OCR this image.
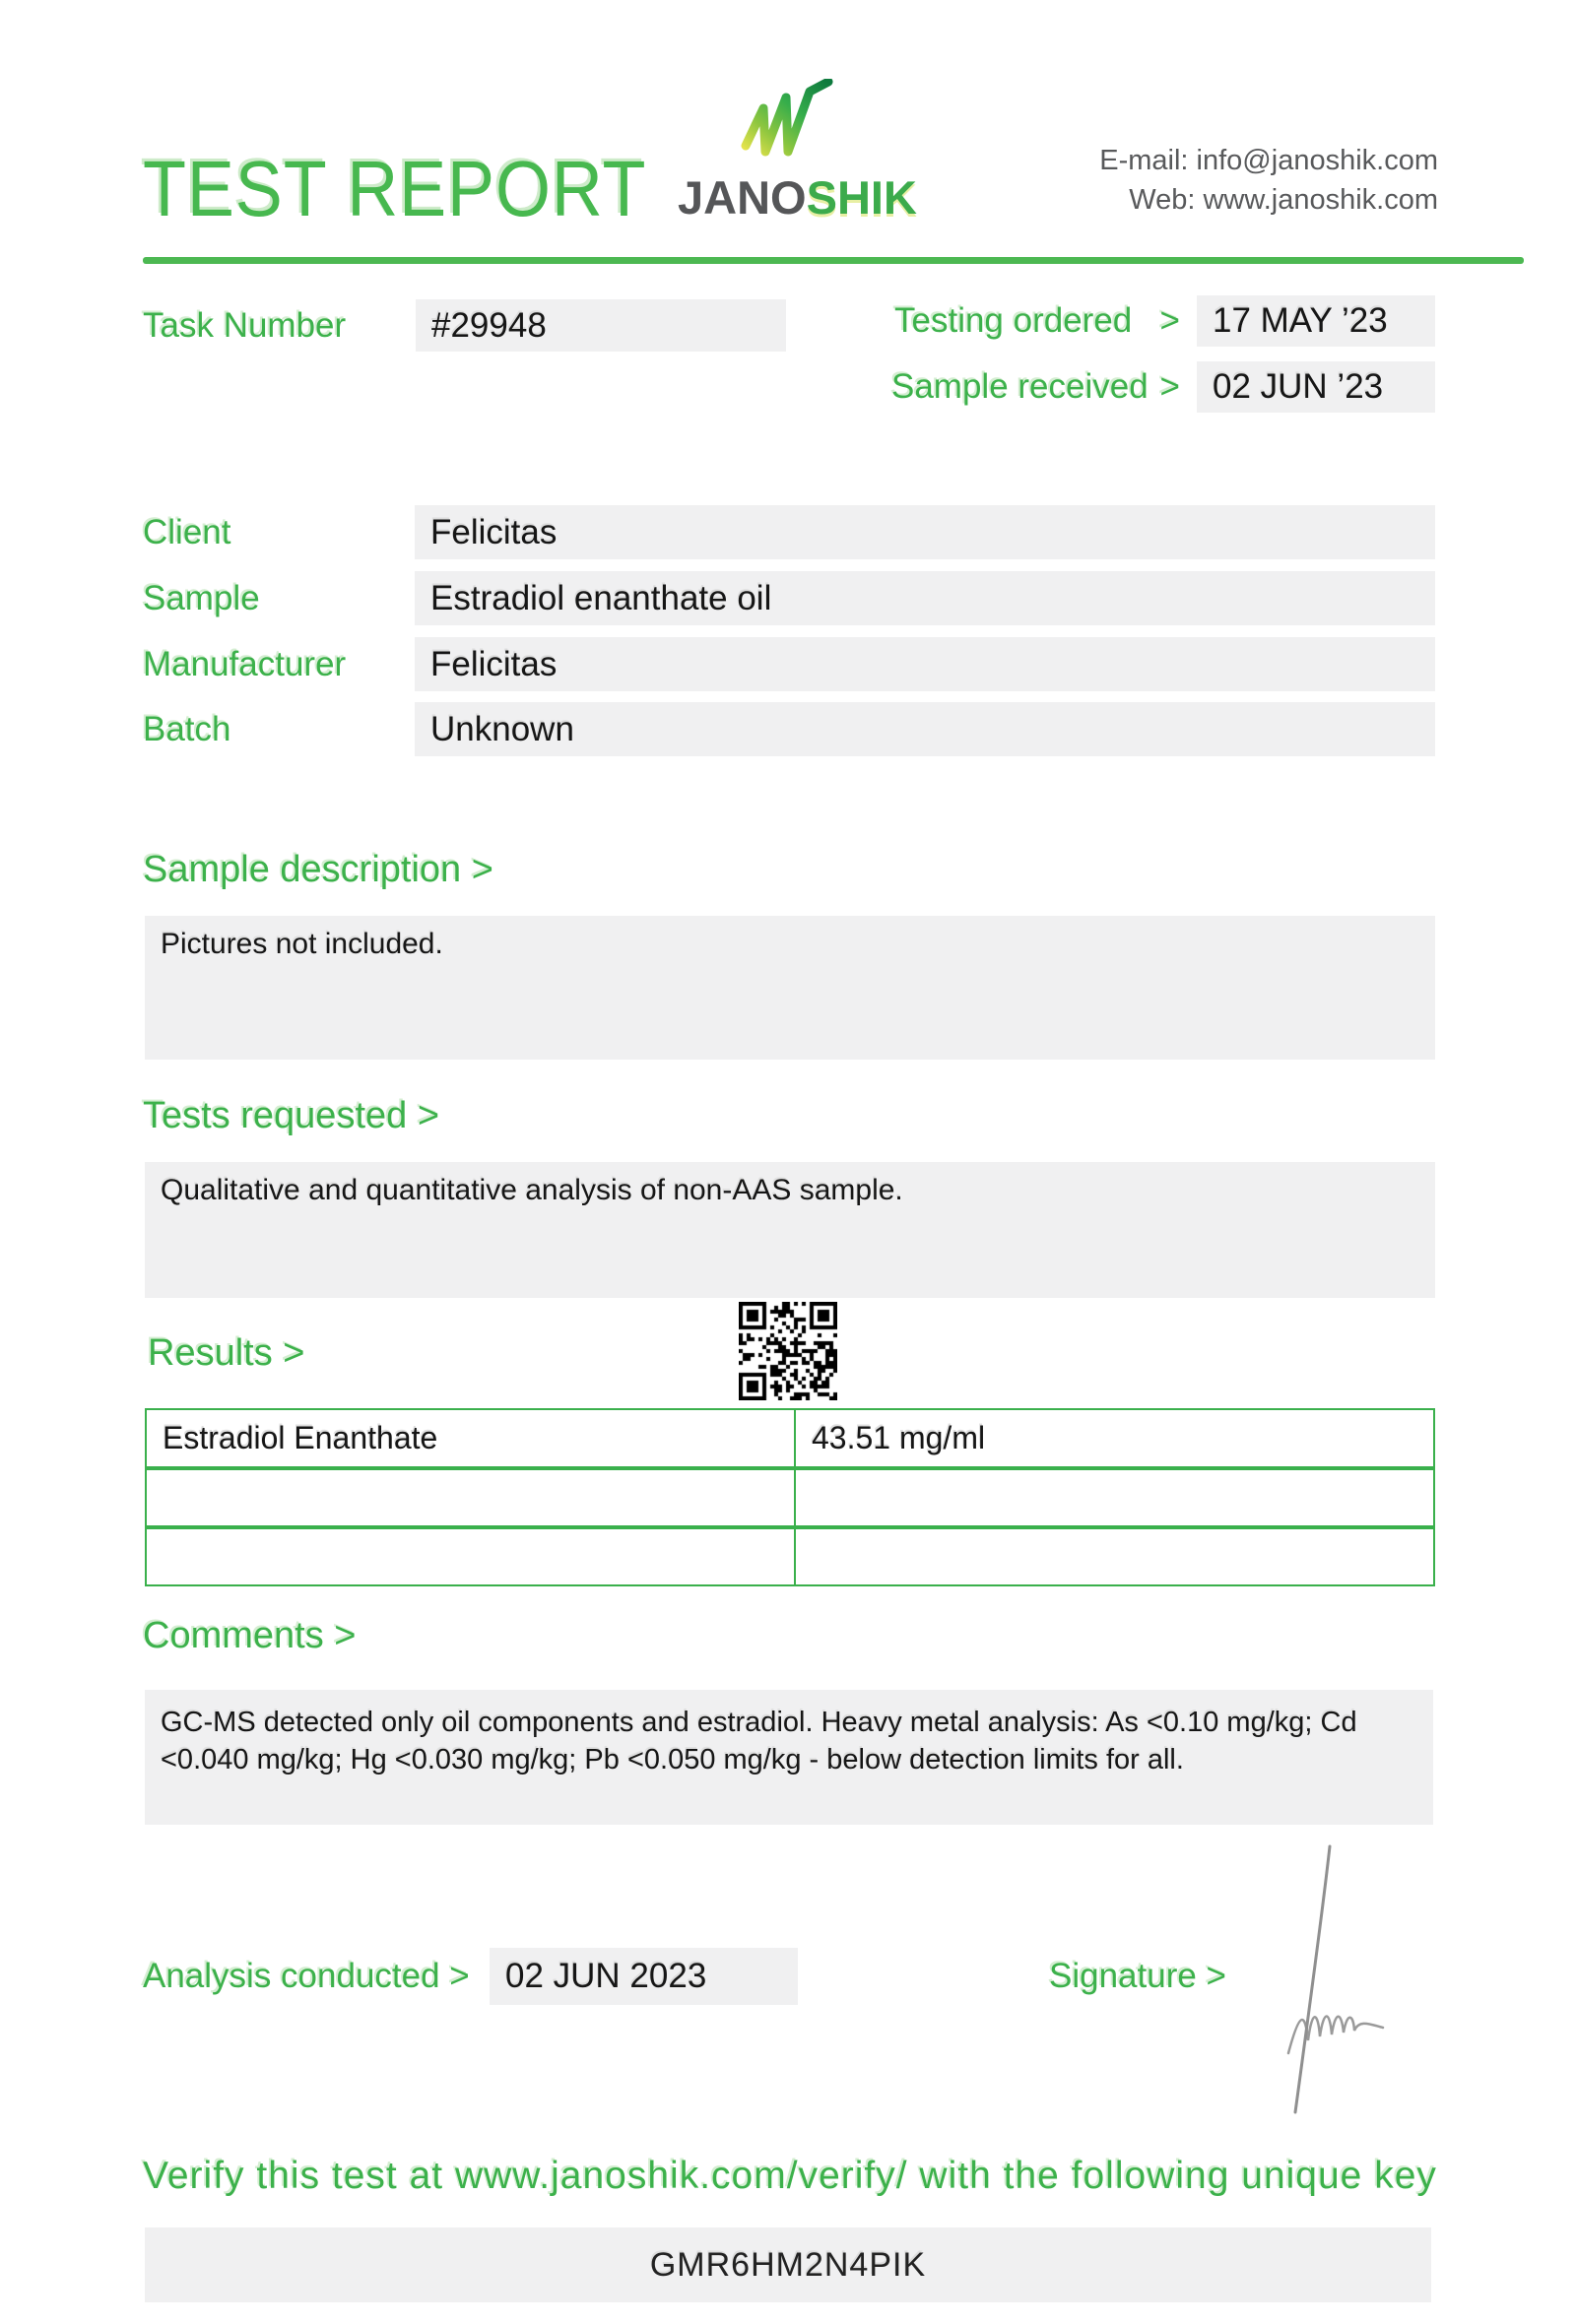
TEST REPORT JANOSHIK
E-mail: info@janoshik.com
Web: www.janoshik.com
Task Number	#29948	Testing ordered > 17 MAY ’23
Sample received > 02 JUN ’23
Client	Felicitas
Sample	Estradiol enanthate oil
Manufacturer	Felicitas
Batch	Unknown
Sample description >
Pictures not included.
Tests requested >
Qualitative and quantitative analysis of non-AAS sample.
Results >
Estradiol Enanthate	43.51 mg/ml
Comments >
GC-MS detected only oil components and estradiol. Heavy metal analysis: As <0.10 mg/kg; Cd <0.040 mg/kg; Hg <0.030 mg/kg; Pb <0.050 mg/kg - below detection limits for all.
Analysis conducted >	02 JUN 2023	Signature >
Verify this test at www.janoshik.com/verify/ with the following unique key
GMR6HM2N4PIK
